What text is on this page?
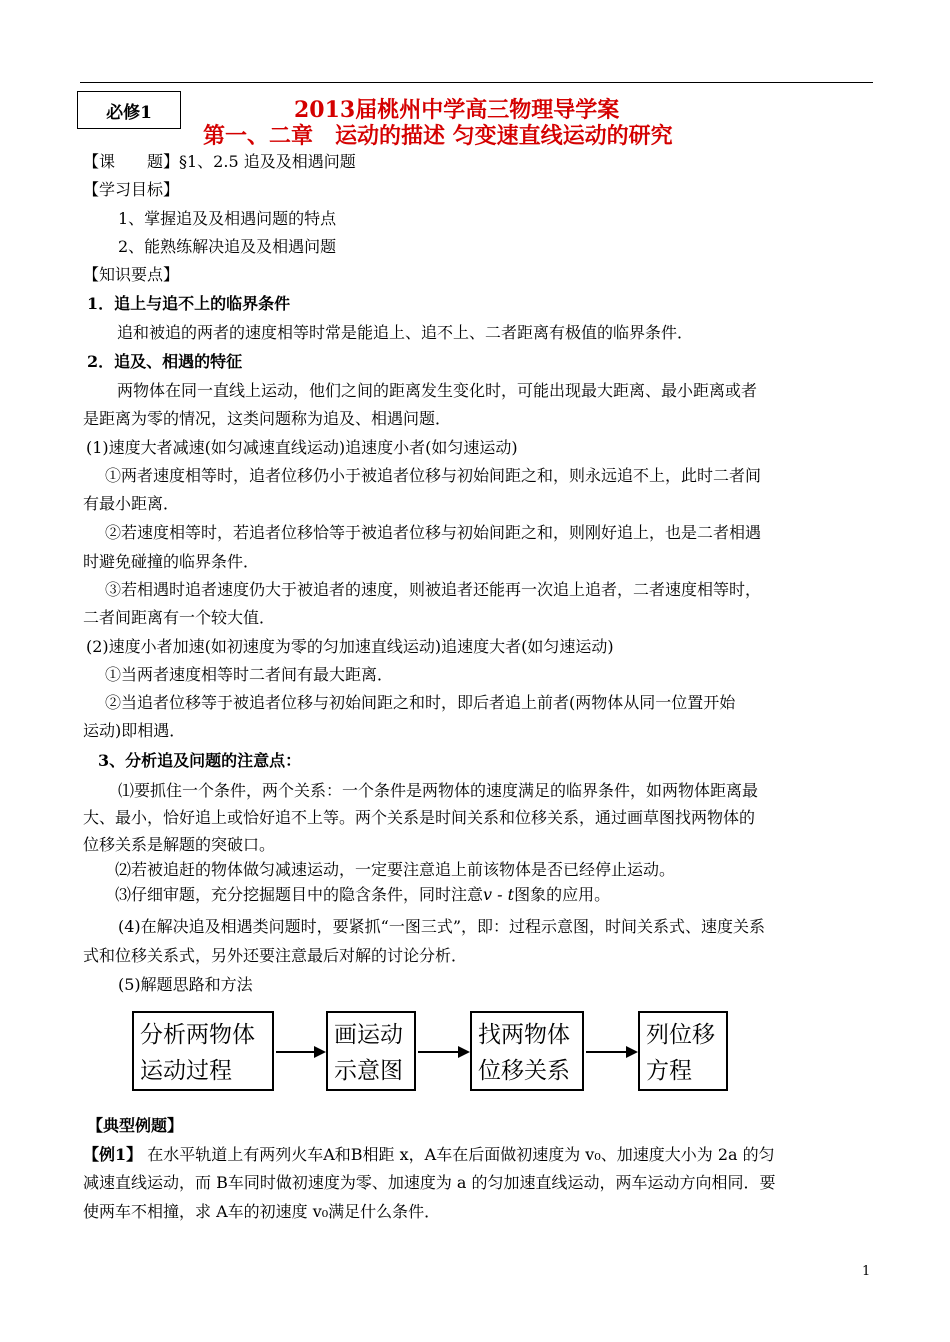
必修1	2013届桃州中学高三物理导学案
第一、二章　运动的描述 匀变速直线运动的研究
【课　　题】§1、2.5 追及及相遇问题
【学习目标】
1、掌握追及及相遇问题的特点
2、能熟练解决追及及相遇问题
【知识要点】
1．追上与追不上的临界条件
追和被追的两者的速度相等时常是能追上、追不上、二者距离有极值的临界条件．
2．追及、相遇的特征
两物体在同一直线上运动，他们之间的距离发生变化时，可能出现最大距离、最小距离或者
是距离为零的情况，这类问题称为追及、相遇问题．
(1)速度大者减速(如匀减速直线运动)追速度小者(如匀速运动)
①两者速度相等时，追者位移仍小于被追者位移与初始间距之和，则永远追不上，此时二者间
有最小距离．
②若速度相等时，若追者位移恰等于被追者位移与初始间距之和，则刚好追上，也是二者相遇
时避免碰撞的临界条件．
③若相遇时追者速度仍大于被追者的速度，则被追者还能再一次追上追者，二者速度相等时，
二者间距离有一个较大值．
(2)速度小者加速(如初速度为零的匀加速直线运动)追速度大者(如匀速运动)
①当两者速度相等时二者间有最大距离．
②当追者位移等于被追者位移与初始间距之和时，即后者追上前者(两物体从同一位置开始
运动)即相遇．
3、分析追及问题的注意点：
⑴要抓住一个条件，两个关系：一个条件是两物体的速度满足的临界条件，如两物体距离最
大、最小，恰好追上或恰好追不上等。两个关系是时间关系和位移关系，通过画草图找两物体的
位移关系是解题的突破口。
⑵若被追赶的物体做匀减速运动，一定要注意追上前该物体是否已经停止运动。
⑶仔细审题，充分挖掘题目中的隐含条件，同时注意v - t图象的应用。
(4)在解决追及相遇类问题时，要紧抓“一图三式”，即：过程示意图，时间关系式、速度关系
式和位移关系式，另外还要注意最后对解的讨论分析．
(5)解题思路和方法
分析两物体
运动过程
画运动
示意图
找两物体
位移关系
列位移
方程
【典型例题】
【例1】 在水平轨道上有两列火车A和B相距 x，A车在后面做初速度为 v₀、加速度大小为 2a 的匀
减速直线运动，而 B车同时做初速度为零、加速度为 a 的匀加速直线运动，两车运动方向相同．要
使两车不相撞，求 A车的初速度 v₀满足什么条件．
1
